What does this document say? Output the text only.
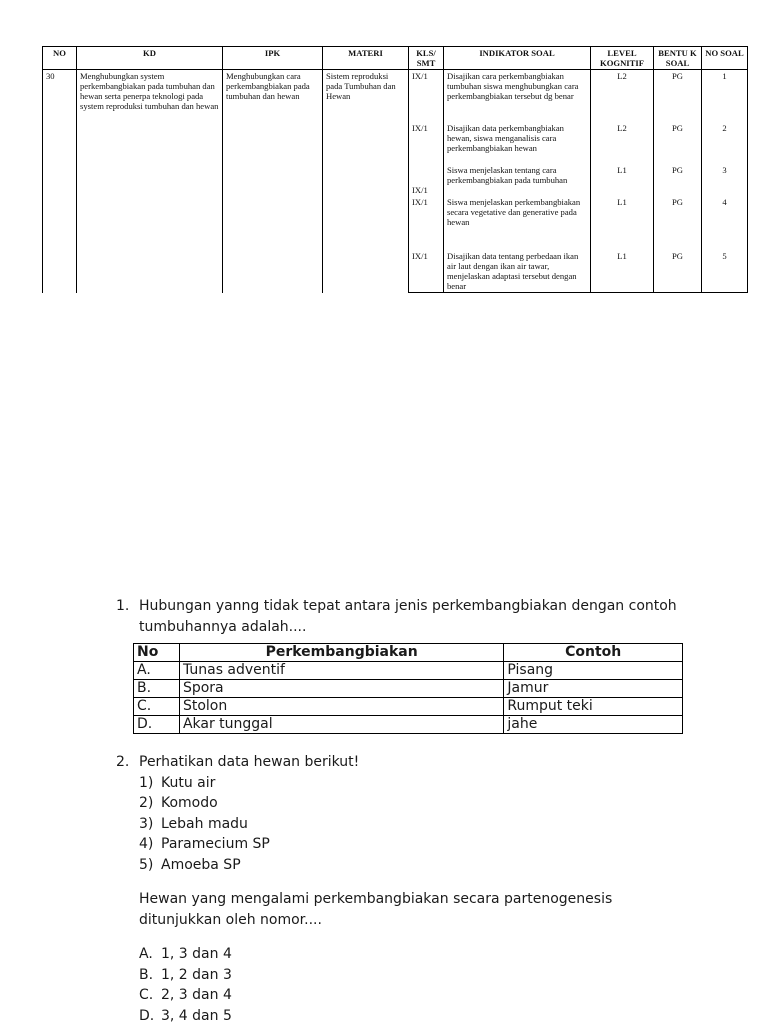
NO	KD	IPK	MATERI	KLS/ SMT	INDIKATOR SOAL	LEVEL KOGNITIF	BENTU K SOAL	NO SOAL
30	Menghubungkan system perkembangbiakan pada tumbuhan dan hewan serta penerpa teknologi pada system reproduksi tumbuhan dan hewan	Menghubungkan cara perkembangbiakan pada tumbuhan dan hewan	Sistem reproduksi pada Tumbuhan dan Hewan	IX/1	Disajikan cara perkembangbiakan tumbuhan siswa menghubungkan cara perkembangbiakan tersebut dg benar	L2	PG	1
				IX/1	Disajikan data perkembangbiakan hewan, siswa menganalisis cara perkembangbiakan hewan	L2	PG	2
				IX/1	Siswa menjelaskan tentang cara perkembangbiakan pada tumbuhan	L1	PG	3
				IX/1	Siswa menjelaskan perkembangbiakan secara vegetative dan generative pada hewan	L1	PG	4
				IX/1	Disajikan data tentang perbedaan ikan air laut dengan ikan air tawar, menjelaskan adaptasi tersebut dengan benar	L1	PG	5
1. Hubungan yanng tidak tepat antara jenis perkembangbiakan dengan contoh tumbuhannya adalah....
No	Perkembangbiakan	Contoh
A.	Tunas adventif	Pisang
B.	Spora	Jamur
C.	Stolon	Rumput teki
D.	Akar tunggal	jahe
2. Perhatikan data hewan berikut!
1) Kutu air
2) Komodo
3) Lebah madu
4) Paramecium SP
5) Amoeba SP
Hewan yang mengalami perkembangbiakan secara partenogenesis ditunjukkan oleh nomor....
A. 1, 3 dan 4
B. 1, 2 dan 3
C. 2, 3 dan 4
D. 3, 4 dan 5
